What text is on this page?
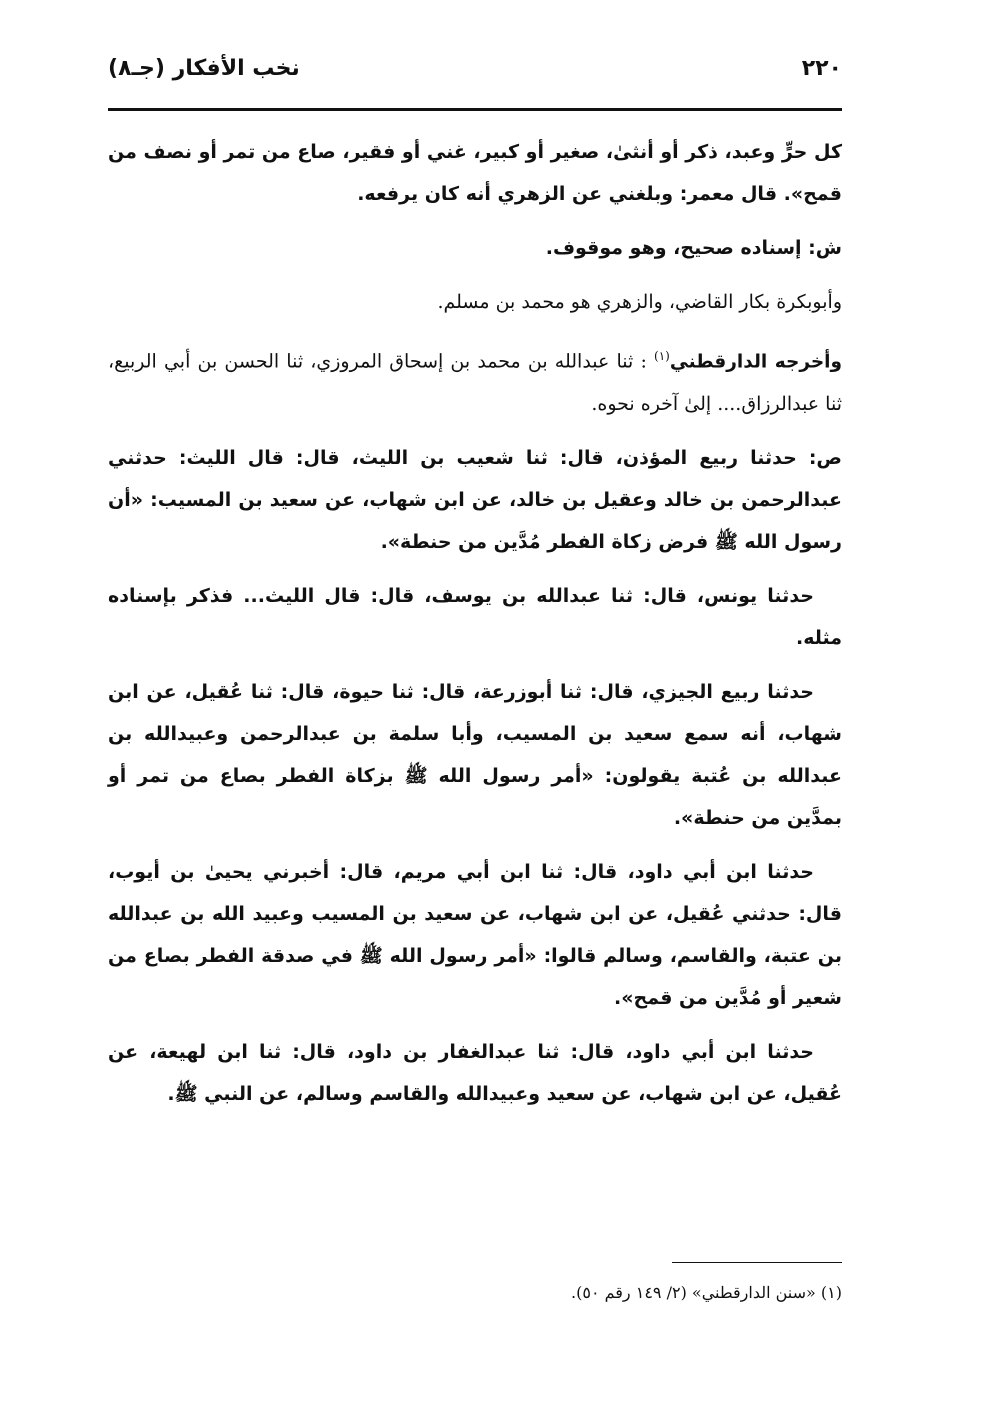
٢٢٠
نخب الأفكار (جـ٨)

كل حرٍّ وعبد، ذكر أو أنثىٰ، صغير أو كبير، غني أو فقير، صاع من تمر أو نصف من قمح». قال معمر: وبلغني عن الزهري أنه كان يرفعه.

ش: إسناده صحيح، وهو موقوف.

وأبوبكرة بكار القاضي، والزهري هو محمد بن مسلم.

وأخرجه الدارقطني$^{(١)}$ : ثنا عبدالله بن محمد بن إسحاق المروزي، ثنا الحسن بن أبي الربيع، ثنا عبدالرزاق.... إلىٰ آخره نحوه.

ص: حدثنا ربيع المؤذن، قال: ثنا شعيب بن الليث، قال: قال الليث: حدثني عبدالرحمن بن خالد وعقيل بن خالد، عن ابن شهاب، عن سعيد بن المسيب: «أن رسول الله ﷺ فرض زكاة الفطر مُدَّين من حنطة».

حدثنا يونس، قال: ثنا عبدالله بن يوسف، قال: قال الليث... فذكر بإسناده مثله.

حدثنا ربيع الجيزي، قال: ثنا أبوزرعة، قال: ثنا حيوة، قال: ثنا عُقيل، عن ابن شهاب، أنه سمع سعيد بن المسيب، وأبا سلمة بن عبدالرحمن وعبيدالله بن عبدالله بن عُتبة يقولون: «أمر رسول الله ﷺ بزكاة الفطر بصاع من تمر أو بمدَّين من حنطة».

حدثنا ابن أبي داود، قال: ثنا ابن أبي مريم، قال: أخبرني يحيىٰ بن أيوب، قال: حدثني عُقيل، عن ابن شهاب، عن سعيد بن المسيب وعبيد الله بن عبدالله بن عتبة، والقاسم، وسالم قالوا: «أمر رسول الله ﷺ في صدقة الفطر بصاع من شعير أو مُدَّين من قمح».

حدثنا ابن أبي داود، قال: ثنا عبدالغفار بن داود، قال: ثنا ابن لهيعة، عن عُقيل، عن ابن شهاب، عن سعيد وعبيدالله والقاسم وسالم، عن النبي ﷺ.

(١) «سنن الدارقطني» (٢/ ١٤٩ رقم ٥٠).
